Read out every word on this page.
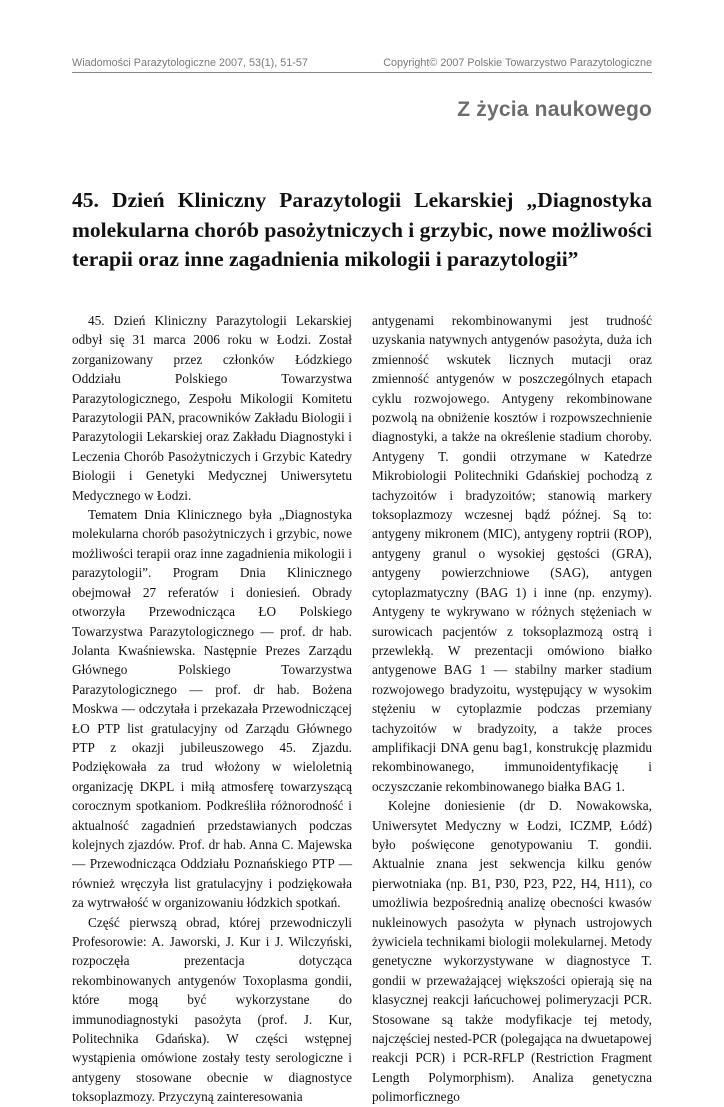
Wiadomości Parazytologiczne 2007, 53(1), 51-57	Copyright© 2007 Polskie Towarzystwo Parazytologiczne
Z życia naukowego
45. Dzień Kliniczny Parazytologii Lekarskiej „Diagnostyka molekularna chorób pasożytniczych i grzybic, nowe możliwości terapii oraz inne zagadnienia mikologii i parazytologii”

45. Dzień Kliniczny Parazytologii Lekarskiej odbył się 31 marca 2006 roku w Łodzi. Został zorganizowany przez członków Łódzkiego Oddziału Polskiego Towarzystwa Parazytologicznego, Zespołu Mikologii Komitetu Parazytologii PAN, pracowników Zakładu Biologii i Parazytologii Lekarskiej oraz Zakładu Diagnostyki i Leczenia Chorób Pasożytniczych i Grzybic Katedry Biologii i Genetyki Medycznej Uniwersytetu Medycznego w Łodzi.

Tematem Dnia Klinicznego była „Diagnostyka molekularna chorób pasożytniczych i grzybic, nowe możliwości terapii oraz inne zagadnienia mikologii i parazytologii”. Program Dnia Klinicznego obejmował 27 referatów i doniesień. Obrady otworzyła Przewodnicząca ŁO Polskiego Towarzystwa Parazytologicznego — prof. dr hab. Jolanta Kwaśniewska. Następnie Prezes Zarządu Głównego Polskiego Towarzystwa Parazytologicznego — prof. dr hab. Bożena Moskwa — odczytała i przekazała Przewodniczącej ŁO PTP list gratulacyjny od Zarządu Głównego PTP z okazji jubileuszowego 45. Zjazdu. Podziękowała za trud włożony w wieloletnią organizację DKPL i miłą atmosferę towarzyszącą corocznym spotkaniom. Podkreśliła różnorodność i aktualność zagadnień przedstawianych podczas kolejnych zjazdów. Prof. dr hab. Anna C. Majewska — Przewodnicząca Oddziału Poznańskiego PTP — również wręczyła list gratulacyjny i podziękowała za wytrwałość w organizowaniu łódzkich spotkań.

Część pierwszą obrad, której przewodniczyli Profesorowie: A. Jaworski, J. Kur i J. Wilczyński, rozpoczęła prezentacja dotycząca rekombinowanych antygenów Toxoplasma gondii, które mogą być wykorzystane do immunodiagnostyki pasożyta (prof. J. Kur, Politechnika Gdańska). W części wstępnej wystąpienia omówione zostały testy serologiczne i antygeny stosowane obecnie w diagnostyce toksoplazmozy. Przyczyną zainteresowania

antygenami rekombinowanymi jest trudność uzyskania natywnych antygenów pasożyta, duża ich zmienność wskutek licznych mutacji oraz zmienność antygenów w poszczególnych etapach cyklu rozwojowego. Antygeny rekombinowane pozwolą na obniżenie kosztów i rozpowszechnienie diagnostyki, a także na określenie stadium choroby. Antygeny T. gondii otrzymane w Katedrze Mikrobiologii Politechniki Gdańskiej pochodzą z tachyzoitów i bradyzoitów; stanowią markery toksoplazmozy wczesnej bądź późnej. Są to: antygeny mikronem (MIC), antygeny roptrii (ROP), antygeny granul o wysokiej gęstości (GRA), antygeny powierzchniowe (SAG), antygen cytoplazmatyczny (BAG 1) i inne (np. enzymy). Antygeny te wykrywano w różnych stężeniach w surowicach pacjentów z toksoplazmozą ostrą i przewlekłą. W prezentacji omówiono białko antygenowe BAG 1 — stabilny marker stadium rozwojowego bradyzoitu, występujący w wysokim stężeniu w cytoplazmie podczas przemiany tachyzoitów w bradyzoity, a także proces amplifikacji DNA genu bag1, konstrukcję plazmidu rekombinowanego, immunoidentyfikację i oczyszczanie rekombinowanego białka BAG 1.

Kolejne doniesienie (dr D. Nowakowska, Uniwersytet Medyczny w Łodzi, ICZMP, Łódź) było poświęcone genotypowaniu T. gondii. Aktualnie znana jest sekwencja kilku genów pierwotniaka (np. B1, P30, P23, P22, H4, H11), co umożliwia bezpośrednią analizę obecności kwasów nukleinowych pasożyta w płynach ustrojowych żywiciela technikami biologii molekularnej. Metody genetyczne wykorzystywane w diagnostyce T. gondii w przeważającej większości opierają się na klasycznej reakcji łańcuchowej polimeryzacji PCR. Stosowane są także modyfikacje tej metody, najczęściej nested-PCR (polegająca na dwuetapowej reakcji PCR) i PCR-RFLP (Restriction Fragment Length Polymorphism). Analiza genetyczna polimorficznego
